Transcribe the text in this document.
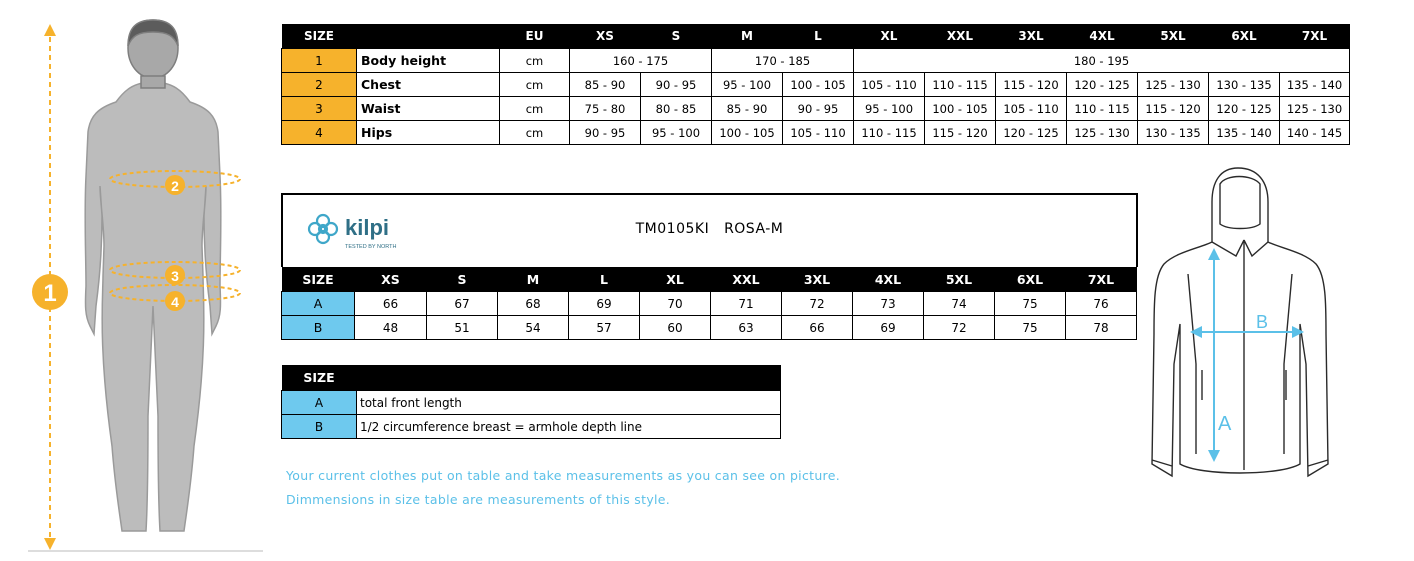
1
2
3
4
SIZE		EU	XS	S	M	L	XL	XXL	3XL	4XL	5XL	6XL	7XL
1	Body height	cm	160 - 175		170 - 185		180 - 195						
2	Chest	cm	85 - 90	90 - 95	95 - 100	100 - 105	105 - 110	110 - 115	115 - 120	120 - 125	125 - 130	130 - 135	135 - 140
3	Waist	cm	75 - 80	80 - 85	85 - 90	90 - 95	95 - 100	100 - 105	105 - 110	110 - 115	115 - 120	120 - 125	125 - 130
4	Hips	cm	90 - 95	95 - 100	100 - 105	105 - 110	110 - 115	115 - 120	120 - 125	125 - 130	130 - 135	135 - 140	140 - 145
kilpi
TESTED BY NORTH
TM0105KI ROSA-M
SIZE	XS	S	M	L	XL	XXL	3XL	4XL	5XL	6XL	7XL
A	66	67	68	69	70	71	72	73	74	75	76
B	48	51	54	57	60	63	66	69	72	75	78
SIZE	
A	total front length
B	1/2 circumference breast = armhole depth line
Your current clothes put on table and take measurements as you can see on picture.
Dimmensions in size table are measurements of this style.
A
B
